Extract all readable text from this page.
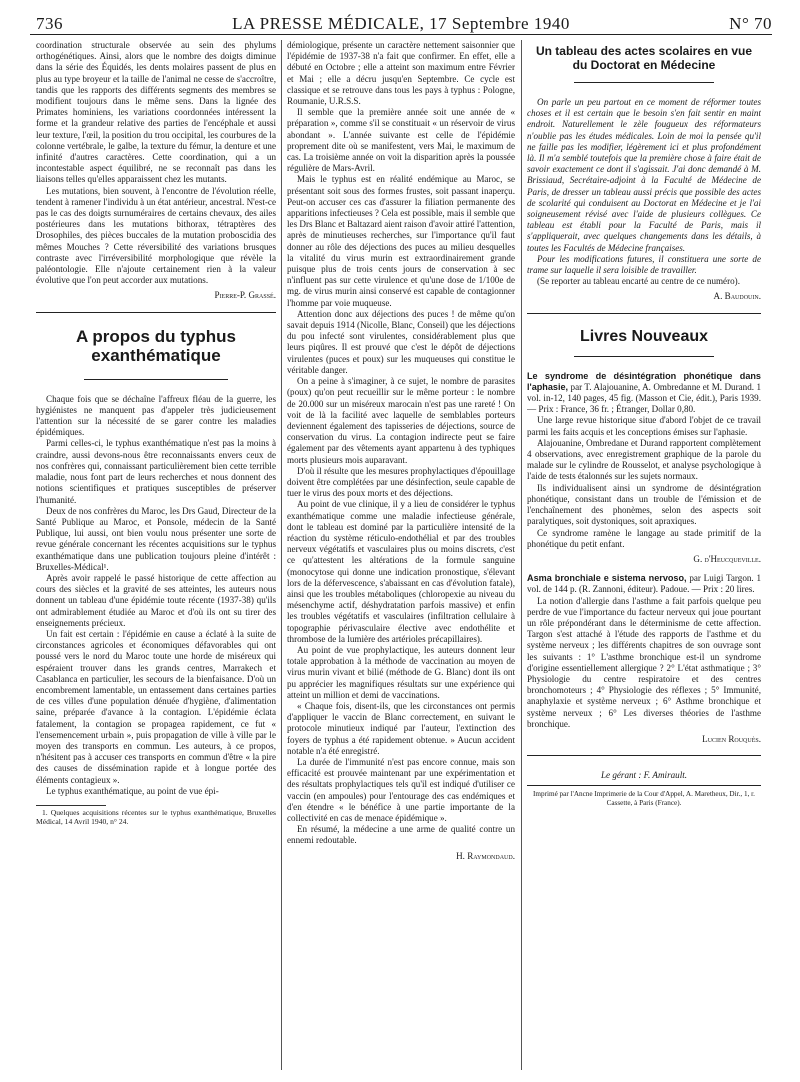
736	LA PRESSE MÉDICALE, 17 Septembre 1940	N° 70

coordination structurale observée au sein des phylums orthogénétiques. Ainsi, alors que le nombre des doigts diminue dans la série des Équidés, les dents molaires passent de plus en plus au type broyeur et la taille de l'animal ne cesse de s'accroître, tandis que les rapports des différents segments des membres se modifient toujours dans le même sens. Dans la lignée des Primates hominiens, les variations coordonnées intéressent la forme et la grandeur relative des parties de l'encéphale et aussi leur texture, l'œil, la position du trou occipital, les courbures de la colonne vertébrale, le galbe, la texture du fémur, la denture et une infinité d'autres caractères. Cette coordination, qui a un incontestable aspect équilibré, ne se reconnaît pas dans les liaisons telles qu'elles apparaissent chez les mutants.

Les mutations, bien souvent, à l'encontre de l'évolution réelle, tendent à ramener l'individu à un état antérieur, ancestral. N'est-ce pas le cas des doigts surnuméraires de certains chevaux, des ailes postérieures dans les mutations bithorax, tétraptères des Drosophiles, des pièces buccales de la mutation proboscidia des mêmes Mouches ? Cette réversibilité des variations brusques contraste avec l'irréversibilité morphologique que révèle la paléontologie. Elle n'ajoute certainement rien à la valeur évolutive que l'on peut accorder aux mutations.

Pierre-P. Grassé.

A propos du typhus exanthématique

Chaque fois que se déchaîne l'affreux fléau de la guerre, les hygiénistes ne manquent pas d'appeler très judicieusement l'attention sur la nécessité de se garer contre les maladies épidémiques.

Parmi celles-ci, le typhus exanthématique n'est pas la moins à craindre, aussi devons-nous être reconnaissants envers ceux de nos confrères qui, connaissant particulièrement bien cette terrible maladie, nous font part de leurs recherches et nous donnent des notions scientifiques et pratiques susceptibles de préserver l'humanité.

Deux de nos confrères du Maroc, les Drs Gaud, Directeur de la Santé Publique au Maroc, et Ponsole, médecin de la Santé Publique, lui aussi, ont bien voulu nous présenter une sorte de revue générale concernant les récentes acquisitions sur le typhus exanthématique dans une publication toujours pleine d'intérêt : Bruxelles-Médical¹.

Après avoir rappelé le passé historique de cette affection au cours des siècles et la gravité de ses atteintes, les auteurs nous donnent un tableau d'une épidémie toute récente (1937-38) qu'ils ont admirablement étudiée au Maroc et d'où ils ont su tirer des enseignements précieux.

Un fait est certain : l'épidémie en cause a éclaté à la suite de circonstances agricoles et économiques défavorables qui ont poussé vers le nord du Maroc toute une horde de miséreux qui espéraient trouver dans les grands centres, Marrakech et Casablanca en particulier, les secours de la bienfaisance. D'où un encombrement lamentable, un entassement dans certaines parties de ces villes d'une population dénuée d'hygiène, d'alimentation saine, préparée d'avance à la contagion. L'épidémie éclata fatalement, la contagion se propagea rapidement, ce fut « l'ensemencement urbain », puis propagation de ville à ville par le moyen des transports en commun. Les auteurs, à ce propos, n'hésitent pas à accuser ces transports en commun d'être « la pire des causes de dissémination rapide et à longue portée des éléments contagieux ».

Le typhus exanthématique, au point de vue épi-

1. Quelques acquisitions récentes sur le typhus exanthématique, Bruxelles Médical, 14 Avril 1940, n° 24.

démiologique, présente un caractère nettement saisonnier que l'épidémie de 1937-38 n'a fait que confirmer. En effet, elle a débuté en Octobre ; elle a atteint son maximum entre Février et Mai ; elle a décru jusqu'en Septembre. Ce cycle est classique et se retrouve dans tous les pays à typhus : Pologne, Roumanie, U.R.S.S.

Il semble que la première année soit une année de « préparation », comme s'il se constituait « un réservoir de virus abondant ». L'année suivante est celle de l'épidémie proprement dite où se manifestent, vers Mai, le maximum de cas. La troisième année on voit la disparition après la poussée régulière de Mars-Avril.

Mais le typhus est en réalité endémique au Maroc, se présentant soit sous des formes frustes, soit passant inaperçu. Peut-on accuser ces cas d'assurer la filiation permanente des apparitions infectieuses ? Cela est possible, mais il semble que les Drs Blanc et Baltazard aient raison d'avoir attiré l'attention, après de minutieuses recherches, sur l'importance qu'il faut donner au rôle des déjections des puces au milieu desquelles la vitalité du virus murin est extraordinairement grande puisque plus de trois cents jours de conservation à sec n'influent pas sur cette virulence et qu'une dose de 1/100e de mg. de virus murin ainsi conservé est capable de contagionner l'homme par voie muqueuse.

Attention donc aux déjections des puces ! de même qu'on savait depuis 1914 (Nicolle, Blanc, Conseil) que les déjections du pou infecté sont virulentes, considérablement plus que leurs piqûres. Il est prouvé que c'est le dépôt de déjections virulentes (puces et poux) sur les muqueuses qui constitue le véritable danger.

On a peine à s'imaginer, à ce sujet, le nombre de parasites (poux) qu'on peut recueillir sur le même porteur : le nombre de 20.000 sur un miséreux marocain n'est pas une rareté ! On voit de là la facilité avec laquelle de semblables porteurs deviennent également des tapisseries de déjections, source de conservation du virus. La contagion indirecte peut se faire également par des vêtements ayant appartenu à des typhiques morts plusieurs mois auparavant.

D'où il résulte que les mesures prophylactiques d'épouillage doivent être complétées par une désinfection, seule capable de tuer le virus des poux morts et des déjections.

Au point de vue clinique, il y a lieu de considérer le typhus exanthématique comme une maladie infectieuse générale, dont le tableau est dominé par la particulière intensité de la réaction du système réticulo-endothélial et par des troubles nerveux végétatifs et vasculaires plus ou moins discrets, c'est ce qu'attestent les altérations de la formule sanguine (monocytose qui donne une indication pronostique, s'élevant lors de la défervescence, s'abaissant en cas d'évolution fatale), ainsi que les troubles métaboliques (chloropexie au niveau du mésenchyme actif, déshydratation parfois massive) et enfin les troubles végétatifs et vasculaires (infiltration cellulaire à topographie périvasculaire élective avec endothélite et thrombose de la lumière des artérioles précapillaires).

Au point de vue prophylactique, les auteurs donnent leur totale approbation à la méthode de vaccination au moyen de virus murin vivant et bilié (méthode de G. Blanc) dont ils ont pu apprécier les magnifiques résultats sur une expérience qui atteint un million et demi de vaccinations.

« Chaque fois, disent-ils, que les circonstances ont permis d'appliquer le vaccin de Blanc correctement, en suivant le protocole minutieux indiqué par l'auteur, l'extinction des foyers de typhus a été rapidement obtenue. » Aucun accident notable n'a été enregistré.

La durée de l'immunité n'est pas encore connue, mais son efficacité est prouvée maintenant par une expérimentation et des résultats prophylactiques tels qu'il est indiqué d'utiliser ce vaccin (en ampoules) pour l'entourage des cas endémiques et d'en étendre « le bénéfice à une partie importante de la collectivité en cas de menace épidémique ».

En résumé, la médecine a une arme de qualité contre un ennemi redoutable.

H. Raymondaud.

Un tableau des actes scolaires en vue du Doctorat en Médecine

On parle un peu partout en ce moment de réformer toutes choses et il est certain que le besoin s'en fait sentir en maint endroit. Naturellement le zèle fougueux des réformateurs n'oublie pas les études médicales. Loin de moi la pensée qu'il ne faille pas les modifier, légèrement ici et plus profondément là. Il m'a semblé toutefois que la première chose à faire était de savoir exactement ce dont il s'agissait. J'ai donc demandé à M. Brissiaud, Secrétaire-adjoint à la Faculté de Médecine de Paris, de dresser un tableau aussi précis que possible des actes de scolarité qui conduisent au Doctorat en Médecine et je l'ai soigneusement révisé avec l'aide de plusieurs collègues. Ce tableau est établi pour la Faculté de Paris, mais il s'appliquerait, avec quelques changements dans les détails, à toutes les Facultés de Médecine françaises.

Pour les modifications futures, il constituera une sorte de trame sur laquelle il sera loisible de travailler.

(Se reporter au tableau encarté au centre de ce numéro).

A. Baudouin.

Livres Nouveaux

Le syndrome de désintégration phonétique dans l'aphasie, par T. Alajouanine, A. Ombredanne et M. Durand. 1 vol. in-12, 140 pages, 45 fig. (Masson et Cie, édit.), Paris 1939. — Prix : France, 36 fr. ; Étranger, Dollar 0,80.

Une large revue historique situe d'abord l'objet de ce travail parmi les faits acquis et les conceptions émises sur l'aphasie.

Alajouanine, Ombredane et Durand rapportent complètement 4 observations, avec enregistrement graphique de la parole du malade sur le cylindre de Rousselot, et analyse psychologique à l'aide de tests étalonnés sur les sujets normaux.

Ils individualisent ainsi un syndrome de désintégration phonétique, consistant dans un trouble de l'émission et de l'enchaînement des phonèmes, selon des aspects soit paralytiques, soit dystoniques, soit apraxiques.

Ce syndrome ramène le langage au stade primitif de la phonétique du petit enfant.

G. d'Heucqueville.

Asma bronchiale e sistema nervoso, par Luigi Targon. 1 vol. de 144 p. (R. Zannoni, éditeur). Padoue. — Prix : 20 lires.

La notion d'allergie dans l'asthme a fait parfois quelque peu perdre de vue l'importance du facteur nerveux qui joue pourtant un rôle prépondérant dans le déterminisme de cette affection. Targon s'est attaché à l'étude des rapports de l'asthme et du système nerveux ; les différents chapitres de son ouvrage sont les suivants : 1° L'asthme bronchique est-il un syndrome d'origine essentiellement allergique ? 2° L'état asthmatique ; 3° Physiologie du centre respiratoire et des centres bronchomoteurs ; 4° Physiologie des réflexes ; 5° Immunité, anaphylaxie et système nerveux ; 6° Asthme bronchique et système nerveux ; 6° Les diverses théories de l'asthme bronchique.

Lucien Rouquès.

Le gérant : F. Amirault.

Imprimé par l'Ancne Imprimerie de la Cour d'Appel, A. Maretheux, Dir., 1, r. Cassette, à Paris (France).
